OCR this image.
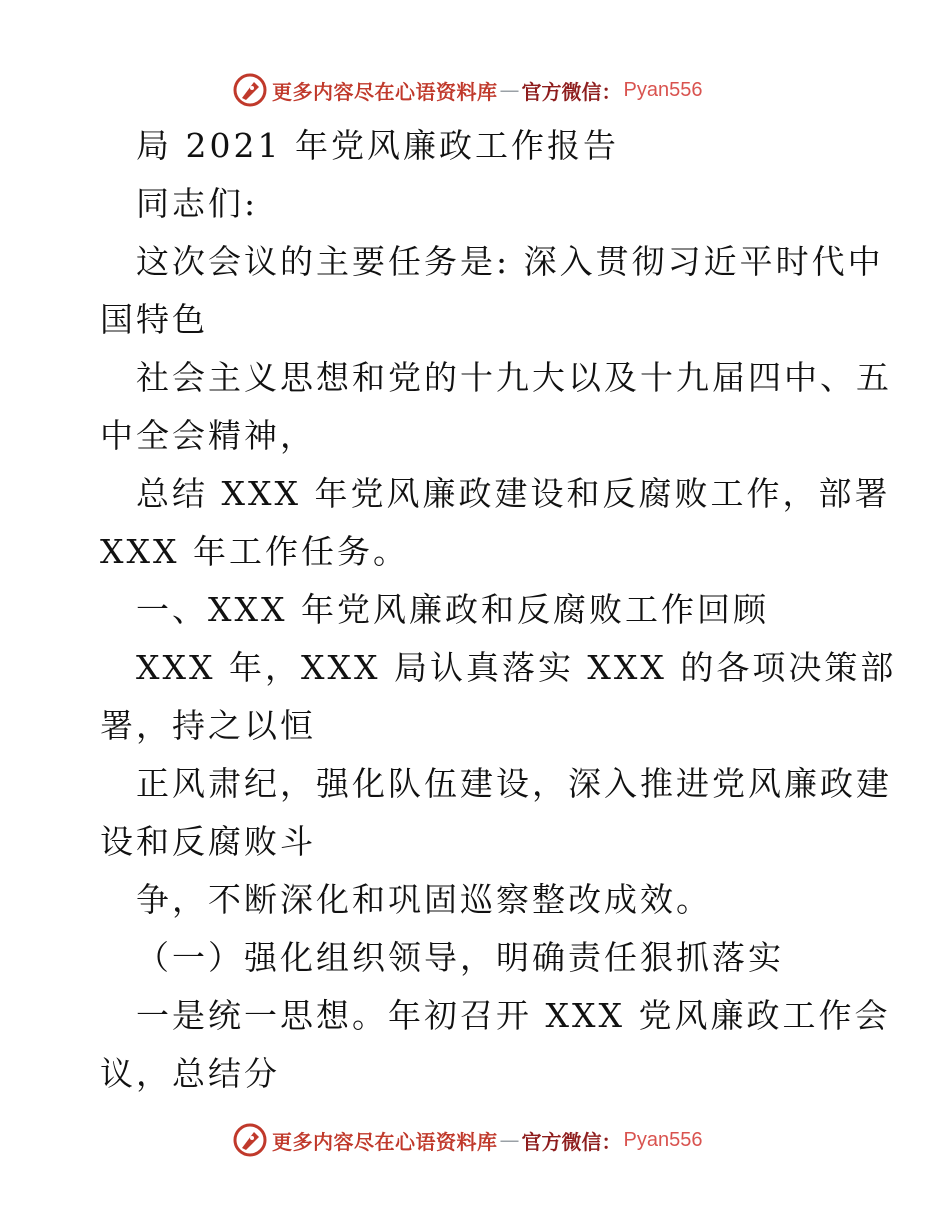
更多内容尽在心语资料库 — 官方微信： Pyan556
局 2021 年党风廉政工作报告
同志们:
这次会议的主要任务是: 深入贯彻习近平时代中
国特色
社会主义思想和党的十九大以及十九届四中、五
中全会精神，
总结 XXX 年党风廉政建设和反腐败工作，部署
XXX 年工作任务。
一、XXX 年党风廉政和反腐败工作回顾
XXX 年，XXX 局认真落实 XXX 的各项决策部
署，持之以恒
正风肃纪，强化队伍建设，深入推进党风廉政建
设和反腐败斗
争，不断深化和巩固巡察整改成效。
（一）强化组织领导，明确责任狠抓落实
一是统一思想。年初召开 XXX 党风廉政工作会
议，总结分
更多内容尽在心语资料库 — 官方微信： Pyan556
